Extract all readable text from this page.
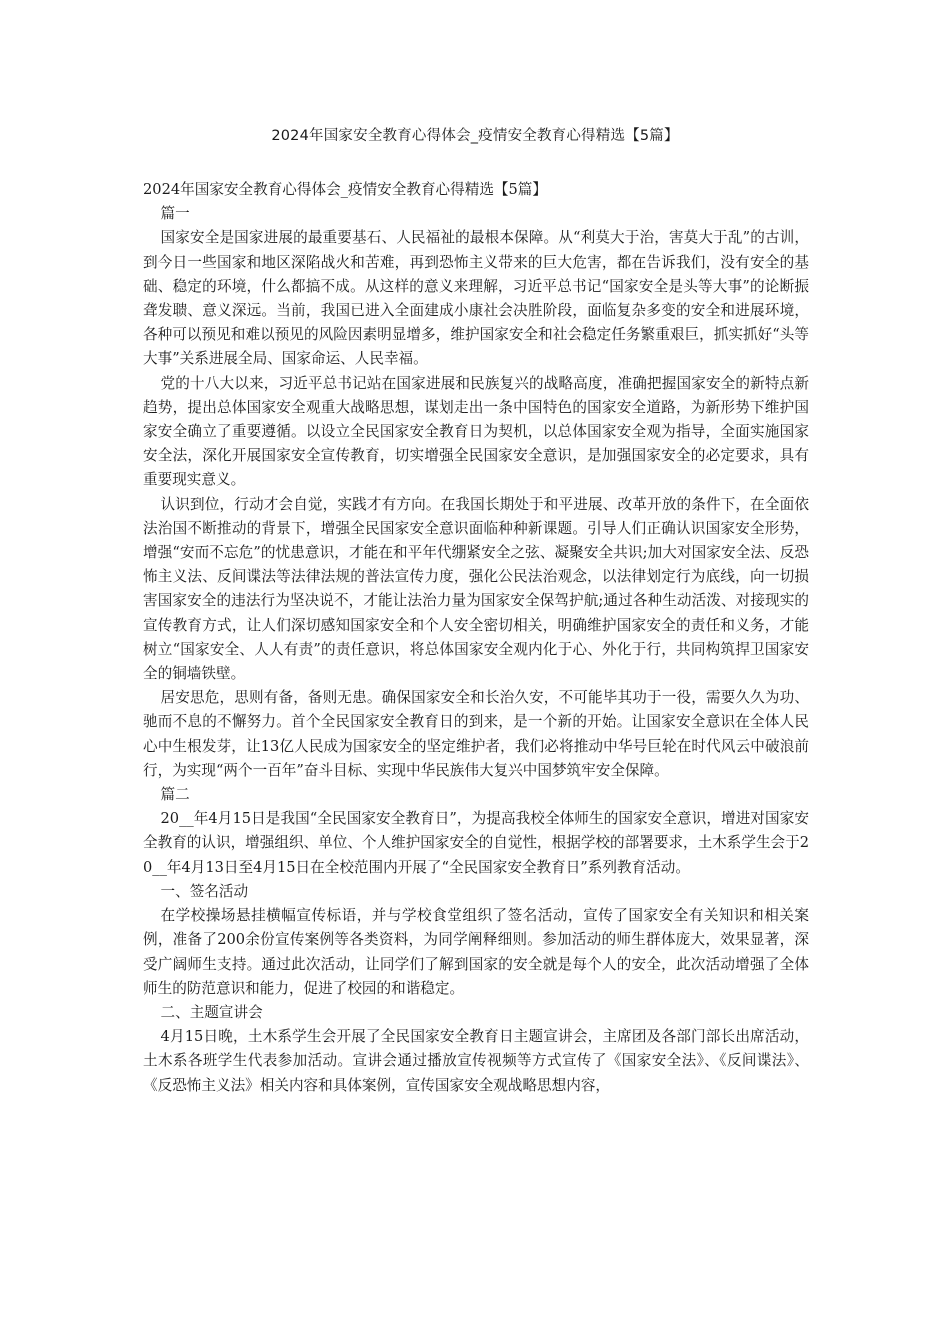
2024年国家安全教育心得体会_疫情安全教育心得精选【5篇】

2024年国家安全教育心得体会_疫情安全教育心得精选【5篇】

篇一

国家安全是国家进展的最重要基石、人民福祉的最根本保障。从“利莫大于治，害莫大于乱”的古训，到今日一些国家和地区深陷战火和苦难，再到恐怖主义带来的巨大危害，都在告诉我们，没有安全的基础、稳定的环境，什么都搞不成。从这样的意义来理解，习近平总书记“国家安全是头等大事”的论断振聋发聩、意义深远。当前，我国已进入全面建成小康社会决胜阶段，面临复杂多变的安全和进展环境，各种可以预见和难以预见的风险因素明显增多，维护国家安全和社会稳定任务繁重艰巨，抓实抓好“头等大事”关系进展全局、国家命运、人民幸福。

党的十八大以来，习近平总书记站在国家进展和民族复兴的战略高度，准确把握国家安全的新特点新趋势，提出总体国家安全观重大战略思想，谋划走出一条中国特色的国家安全道路，为新形势下维护国家安全确立了重要遵循。以设立全民国家安全教育日为契机，以总体国家安全观为指导，全面实施国家安全法，深化开展国家安全宣传教育，切实增强全民国家安全意识，是加强国家安全的必定要求，具有重要现实意义。

认识到位，行动才会自觉，实践才有方向。在我国长期处于和平进展、改革开放的条件下，在全面依法治国不断推动的背景下，增强全民国家安全意识面临种种新课题。引导人们正确认识国家安全形势，增强“安而不忘危”的忧患意识，才能在和平年代绷紧安全之弦、凝聚安全共识;加大对国家安全法、反恐怖主义法、反间谍法等法律法规的普法宣传力度，强化公民法治观念，以法律划定行为底线，向一切损害国家安全的违法行为坚决说不，才能让法治力量为国家安全保驾护航;通过各种生动活泼、对接现实的宣传教育方式，让人们深切感知国家安全和个人安全密切相关，明确维护国家安全的责任和义务，才能树立“国家安全、人人有责”的责任意识，将总体国家安全观内化于心、外化于行，共同构筑捍卫国家安全的铜墙铁壁。

居安思危，思则有备，备则无患。确保国家安全和长治久安，不可能毕其功于一役，需要久久为功、驰而不息的不懈努力。首个全民国家安全教育日的到来，是一个新的开始。让国家安全意识在全体人民心中生根发芽，让13亿人民成为国家安全的坚定维护者，我们必将推动中华号巨轮在时代风云中破浪前行，为实现“两个一百年”奋斗目标、实现中华民族伟大复兴中国梦筑牢安全保障。

篇二

20__年4月15日是我国“全民国家安全教育日”，为提高我校全体师生的国家安全意识，增进对国家安全教育的认识，增强组织、单位、个人维护国家安全的自觉性，根据学校的部署要求，土木系学生会于20__年4月13日至4月15日在全校范围内开展了“全民国家安全教育日”系列教育活动。

一、签名活动

在学校操场悬挂横幅宣传标语，并与学校食堂组织了签名活动，宣传了国家安全有关知识和相关案例，准备了200余份宣传案例等各类资料，为同学阐释细则。参加活动的师生群体庞大，效果显著，深受广阔师生支持。通过此次活动，让同学们了解到国家的安全就是每个人的安全，此次活动增强了全体师生的防范意识和能力，促进了校园的和谐稳定。

二、主题宣讲会

4月15日晚，土木系学生会开展了全民国家安全教育日主题宣讲会，主席团及各部门部长出席活动，土木系各班学生代表参加活动。宣讲会通过播放宣传视频等方式宣传了《国家安全法》、《反间谍法》、《反恐怖主义法》相关内容和具体案例，宣传国家安全观战略思想内容，
